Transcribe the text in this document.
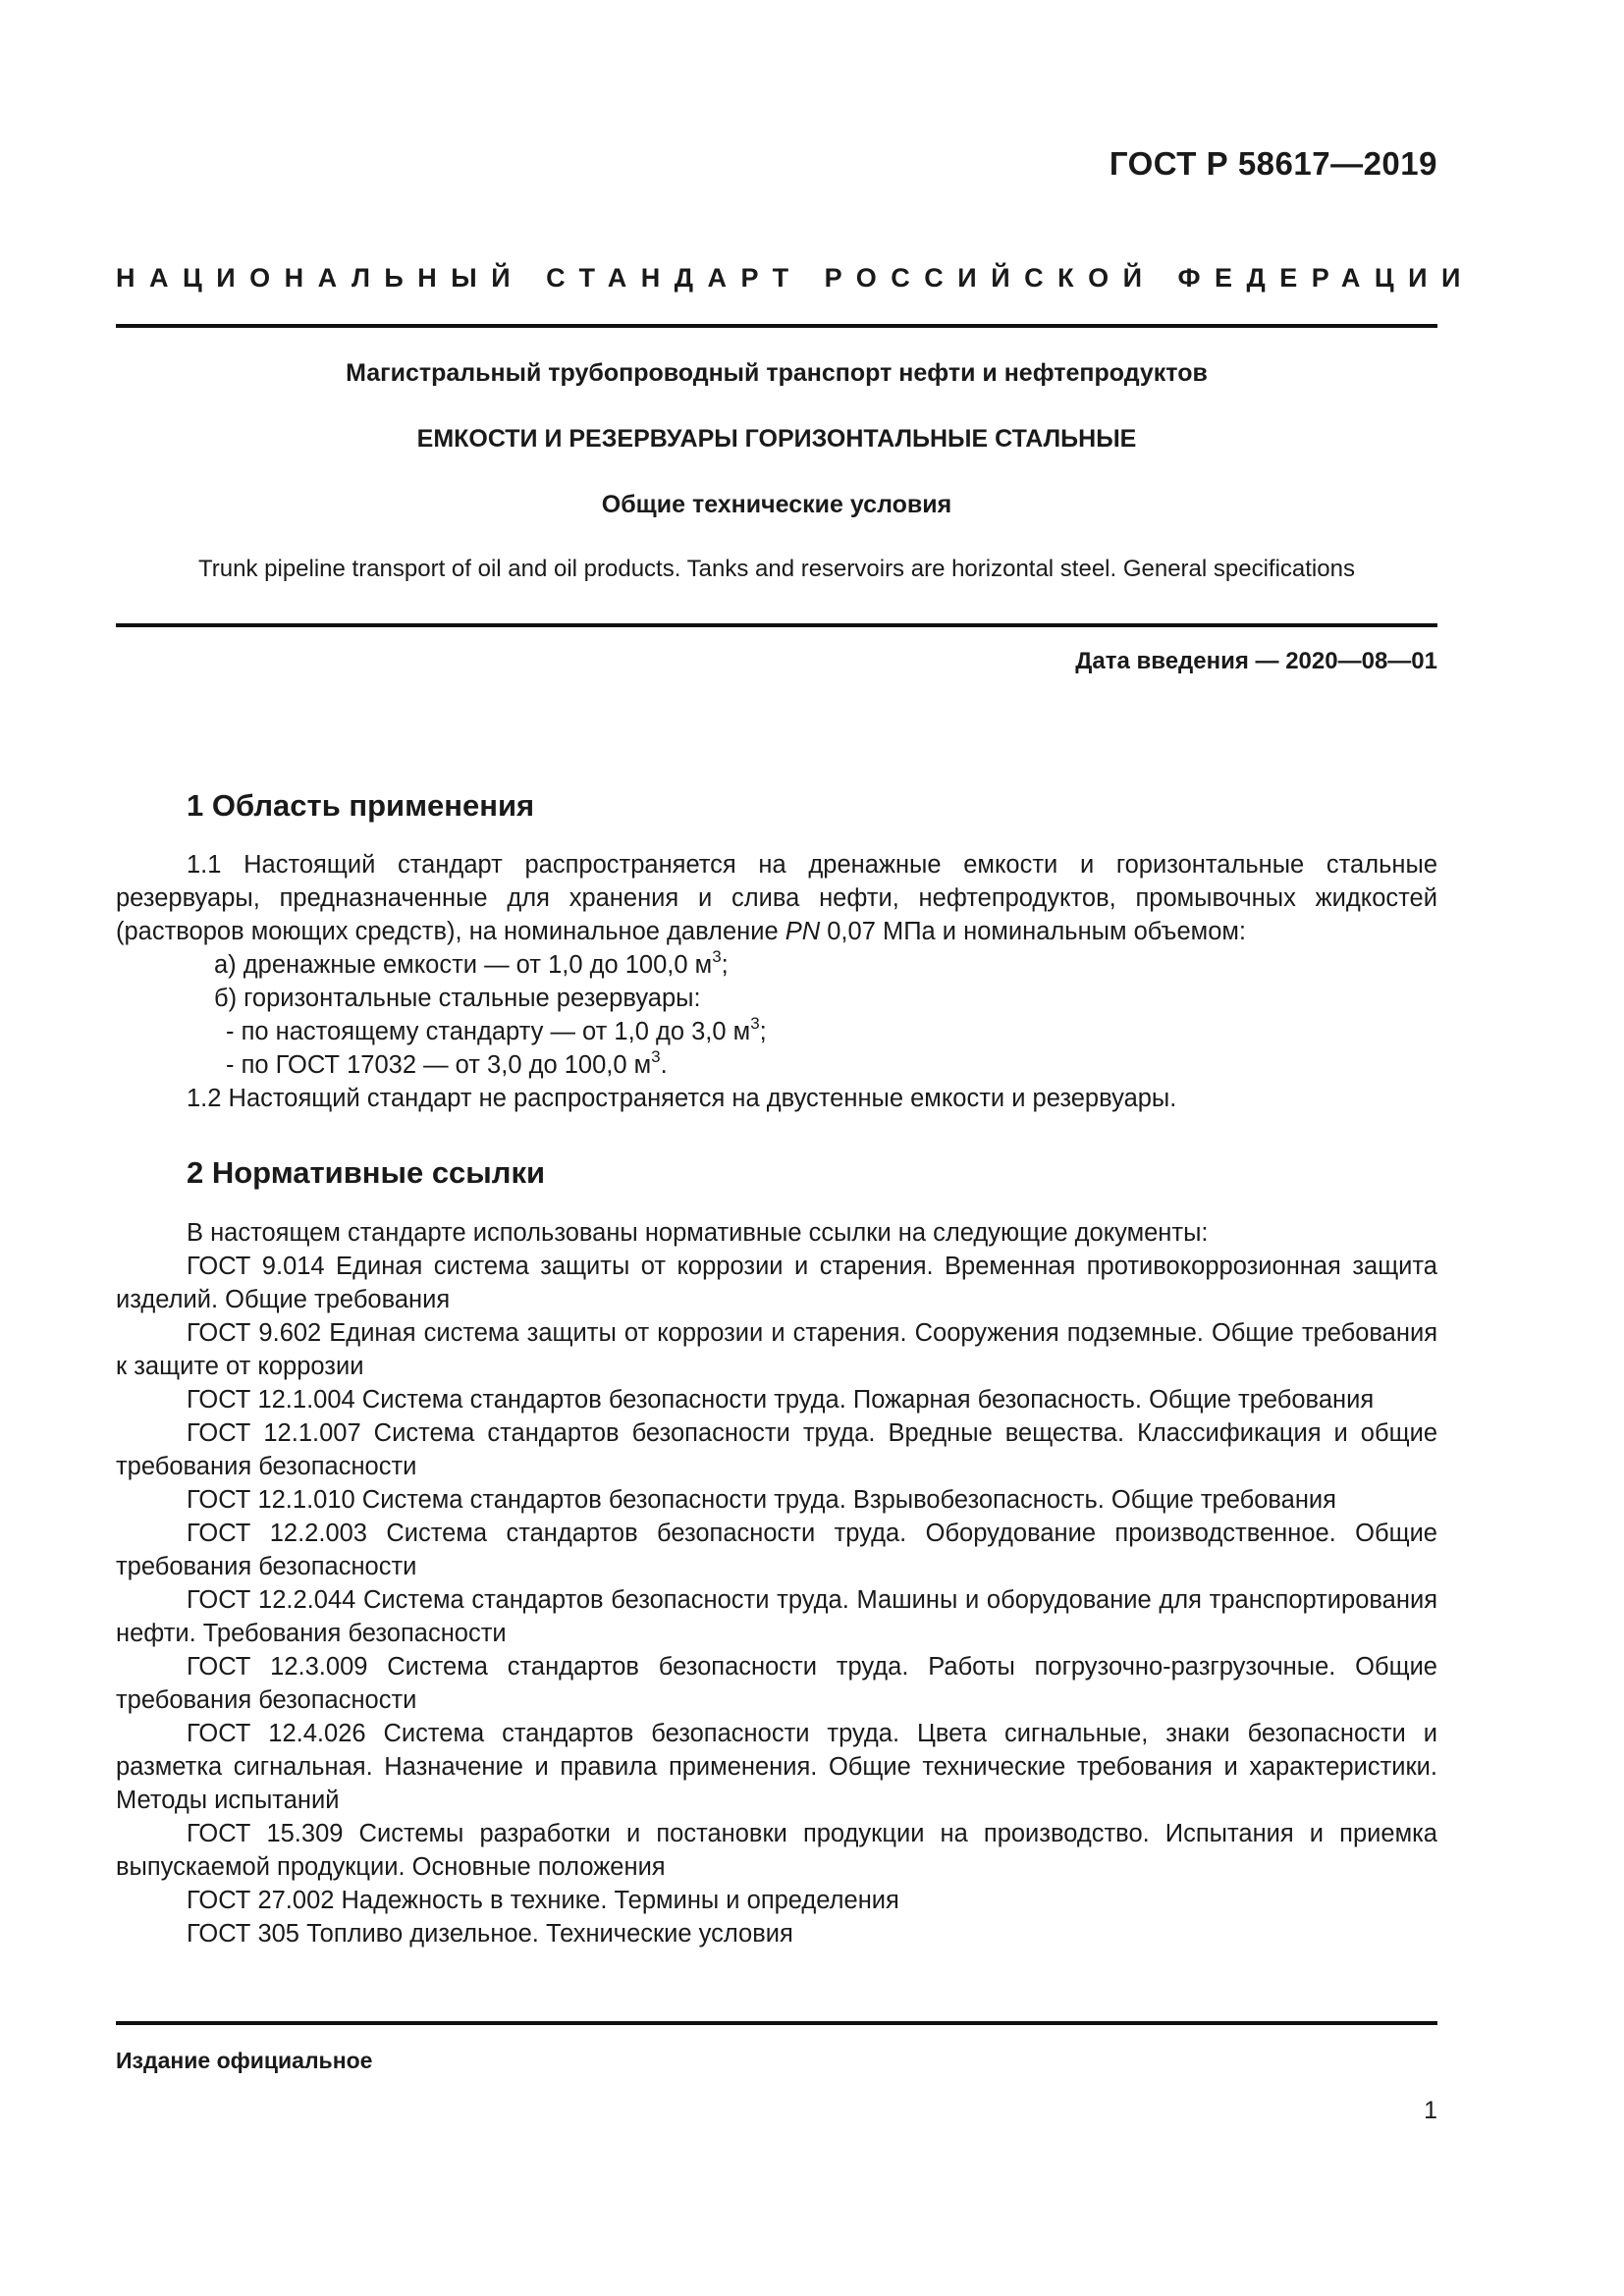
ГОСТ Р 58617—2019
НАЦИОНАЛЬНЫЙ СТАНДАРТ РОССИЙСКОЙ ФЕДЕРАЦИИ
Магистральный трубопроводный транспорт нефти и нефтепродуктов
ЕМКОСТИ И РЕЗЕРВУАРЫ ГОРИЗОНТАЛЬНЫЕ СТАЛЬНЫЕ
Общие технические условия
Trunk pipeline transport of oil and oil products. Tanks and reservoirs are horizontal steel. General specifications
Дата введения — 2020—08—01
1 Область применения

1.1 Настоящий стандарт распространяется на дренажные емкости и горизонтальные стальные резервуары, предназначенные для хранения и слива нефти, нефтепродуктов, промывочных жидкостей (растворов моющих средств), на номинальное давление PN 0,07 МПа и номинальным объемом:

а) дренажные емкости — от 1,0 до 100,0 $м^3$;

б) горизонтальные стальные резервуары:

- по настоящему стандарту — от 1,0 до 3,0 $м^3$;

- по ГОСТ 17032 — от 3,0 до 100,0 $м^3$.

1.2 Настоящий стандарт не распространяется на двустенные емкости и резервуары.

2 Нормативные ссылки

В настоящем стандарте использованы нормативные ссылки на следующие документы:

ГОСТ 9.014 Единая система защиты от коррозии и старения. Временная противокоррозионная защита изделий. Общие требования

ГОСТ 9.602 Единая система защиты от коррозии и старения. Сооружения подземные. Общие требования к защите от коррозии

ГОСТ 12.1.004 Система стандартов безопасности труда. Пожарная безопасность. Общие требования

ГОСТ 12.1.007 Система стандартов безопасности труда. Вредные вещества. Классификация и общие требования безопасности

ГОСТ 12.1.010 Система стандартов безопасности труда. Взрывобезопасность. Общие требования

ГОСТ 12.2.003 Система стандартов безопасности труда. Оборудование производственное. Общие требования безопасности

ГОСТ 12.2.044 Система стандартов безопасности труда. Машины и оборудование для транспортирования нефти. Требования безопасности

ГОСТ 12.3.009 Система стандартов безопасности труда. Работы погрузочно-разгрузочные. Общие требования безопасности

ГОСТ 12.4.026 Система стандартов безопасности труда. Цвета сигнальные, знаки безопасности и разметка сигнальная. Назначение и правила применения. Общие технические требования и характеристики. Методы испытаний

ГОСТ 15.309 Системы разработки и постановки продукции на производство. Испытания и приемка выпускаемой продукции. Основные положения

ГОСТ 27.002 Надежность в технике. Термины и определения

ГОСТ 305 Топливо дизельное. Технические условия

Издание официальное
1
